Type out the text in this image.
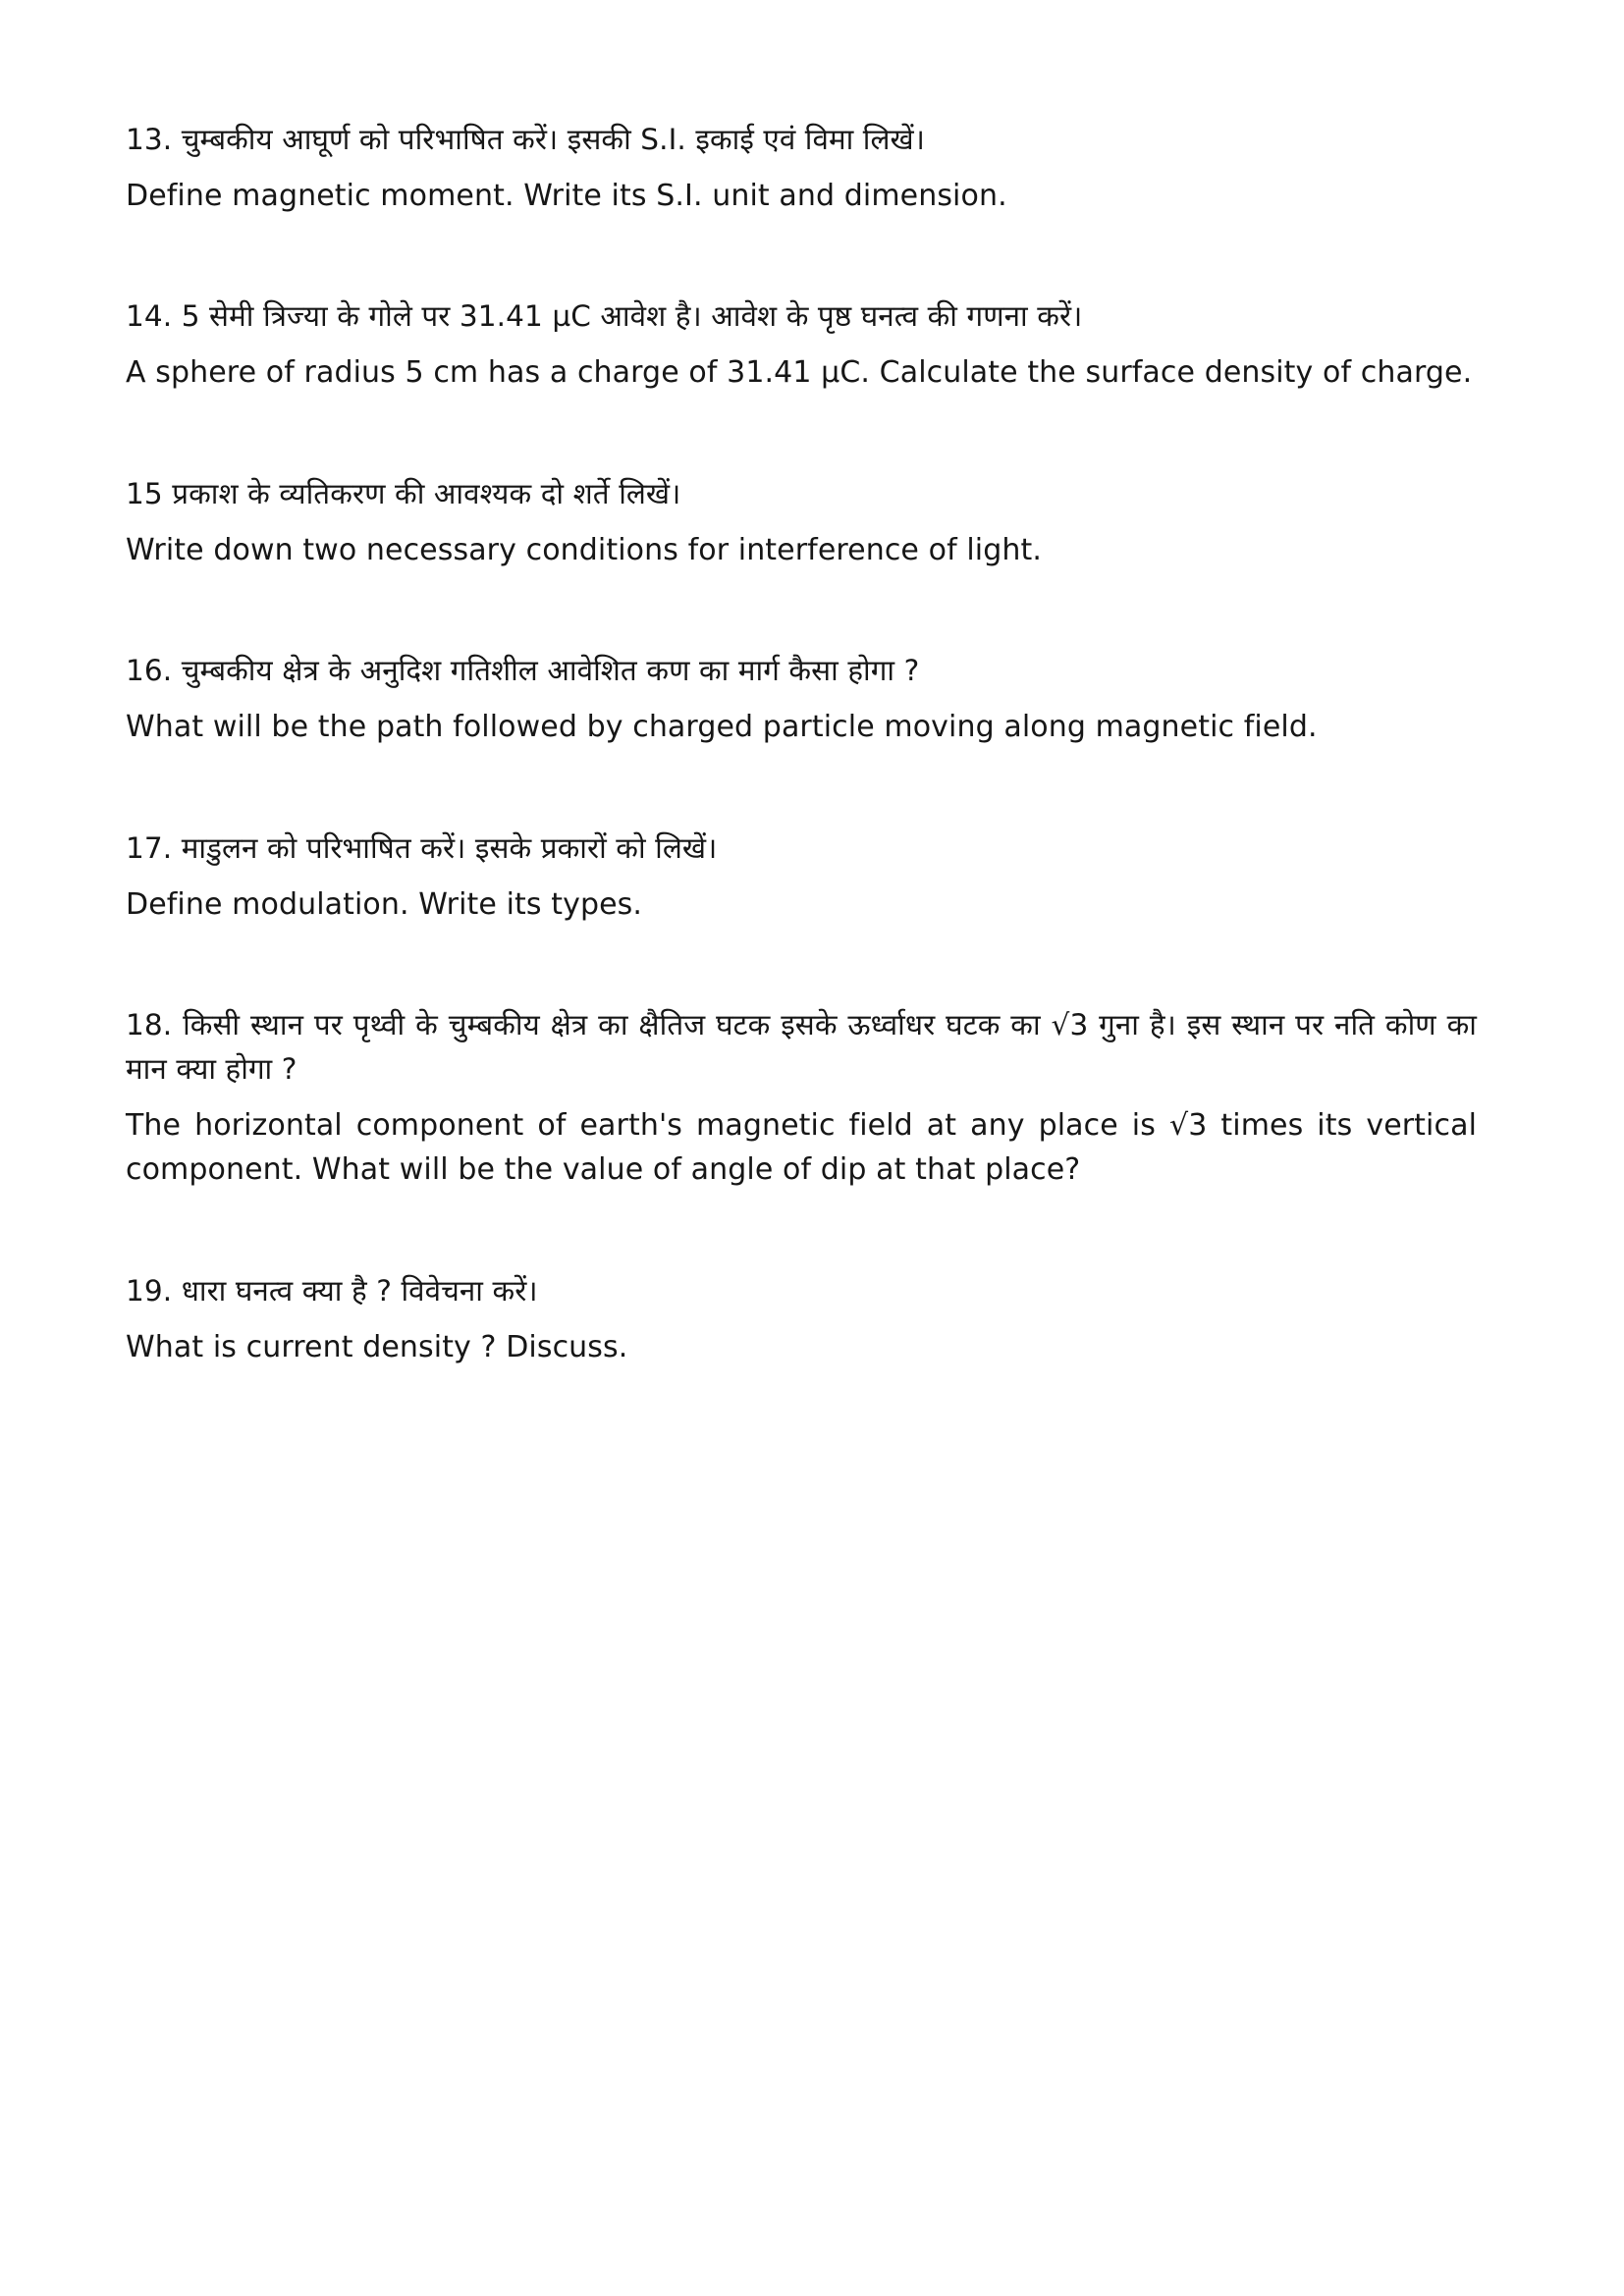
13. चुम्बकीय आघूर्ण को परिभाषित करें। इसकी S.I. इकाई एवं विमा लिखें।
Define magnetic moment. Write its S.I. unit and dimension.
14. 5 सेमी त्रिज्या के गोले पर 31.41 µC आवेश है। आवेश के पृष्ठ घनत्व की गणना करें।
A sphere of radius 5 cm has a charge of 31.41 µC. Calculate the surface density of charge.
15 प्रकाश के व्यतिकरण की आवश्यक दो शर्ते लिखें।
Write down two necessary conditions for interference of light.
16. चुम्बकीय क्षेत्र के अनुदिश गतिशील आवेशित कण का मार्ग कैसा होगा ?
What will be the path followed by charged particle moving along magnetic field.
17. माडुलन को परिभाषित करें। इसके प्रकारों को लिखें।
Define modulation. Write its types.
18. किसी स्थान पर पृथ्वी के चुम्बकीय क्षेत्र का क्षैतिज घटक इसके ऊर्ध्वाधर घटक का √3 गुना है। इस स्थान पर नति कोण का मान क्या होगा ?
The horizontal component of earth's magnetic field at any place is √3 times its vertical component. What will be the value of angle of dip at that place?
19. धारा घनत्व क्या है ? विवेचना करें।
What is current density ? Discuss.
